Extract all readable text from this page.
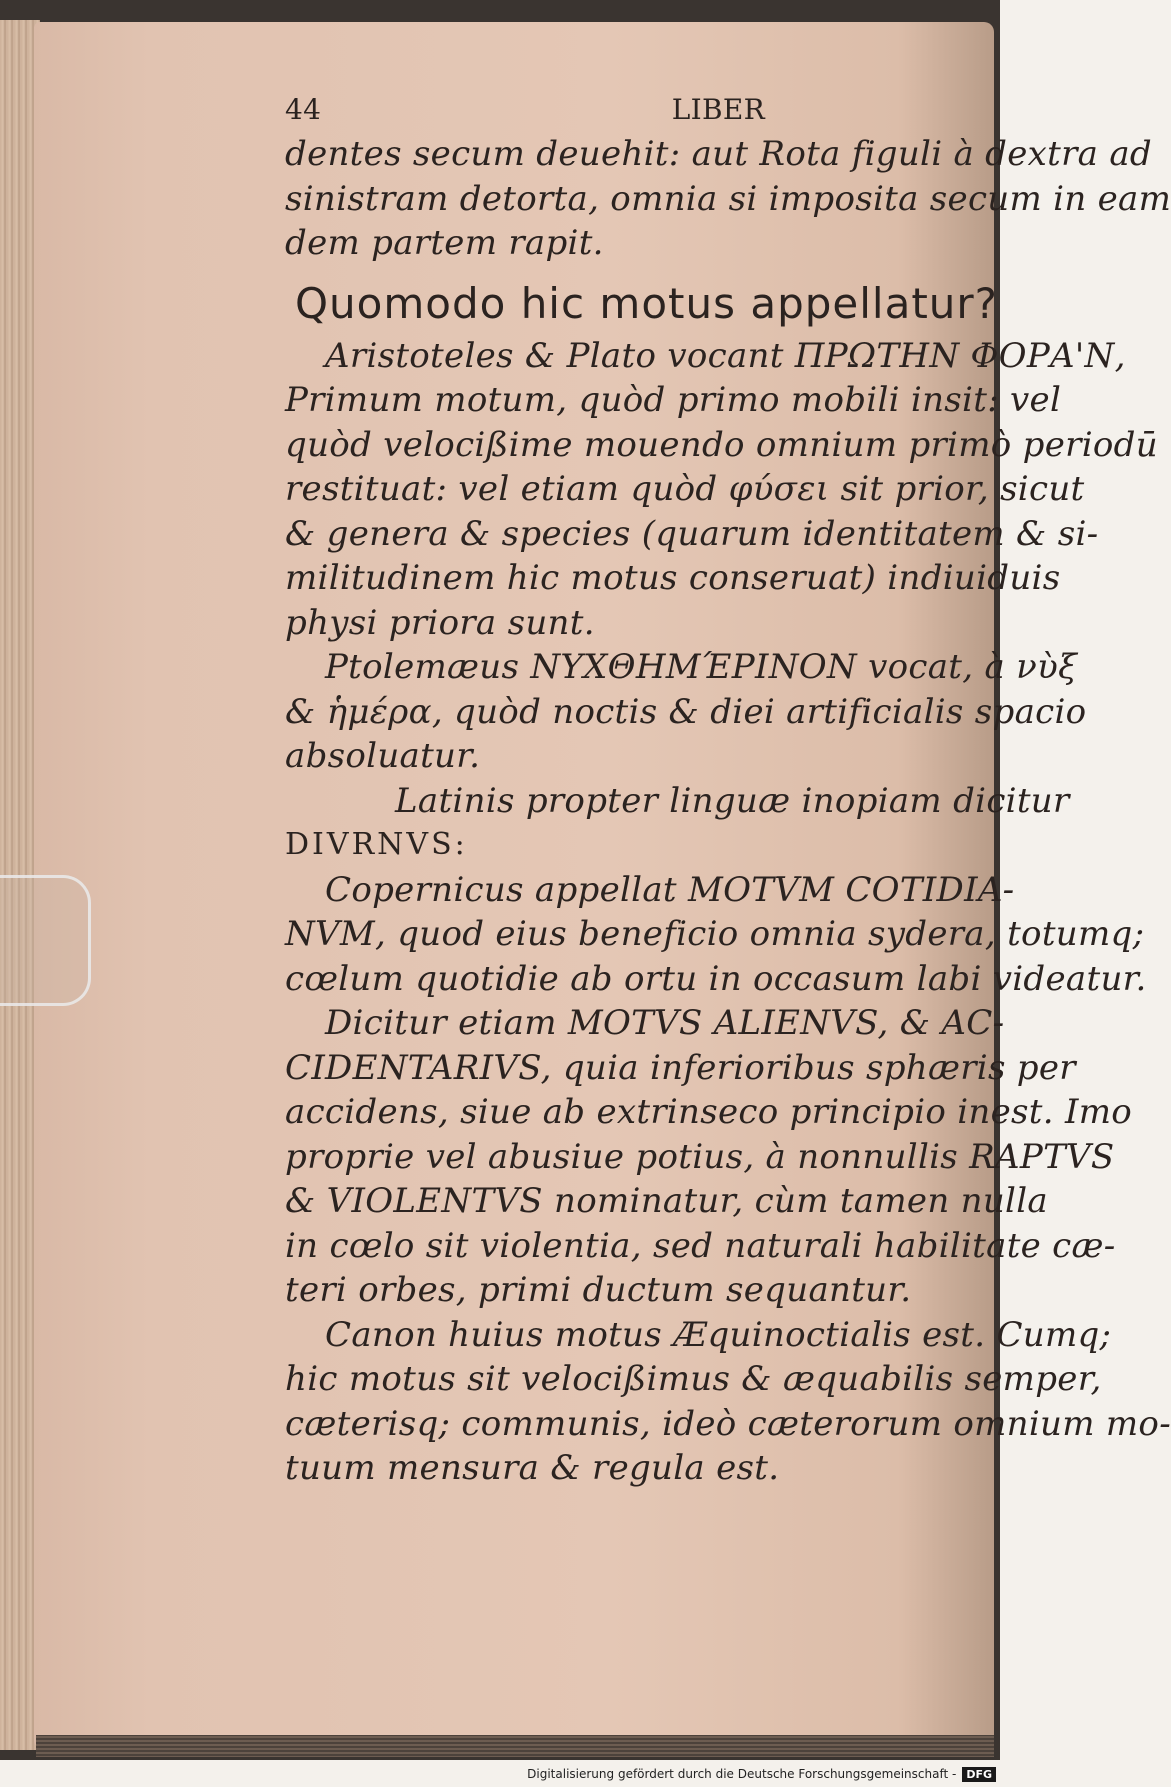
44	LIBER
dentes secum deuehit: aut Rota figuli à dextra ad
sinistram detorta, omnia si imposita secum in eam
dem partem rapit.
Quomodo hic motus appellatur?
Aristoteles & Plato vocant ΠΡΩΤΗΝ ΦΟΡΑ'Ν,
Primum motum, quòd primo mobili insit: vel
quòd velocißime mouendo omnium primò periodū
restituat: vel etiam quòd φύσει sit prior, sicut
& genera & species (quarum identitatem & si-
militudinem hic motus conseruat) indiuiduis
physi priora sunt.
Ptolemæus ΝΥΧΘΗΜΈΡΙΝΟΝ vocat, à νὺξ
& ἡμέρα, quòd noctis & diei artificialis spacio
absoluatur.
Latinis propter linguæ inopiam dicitur
DIVRNVS:
Copernicus appellat MOTVM COTIDIA-
NVM, quod eius beneficio omnia sydera, totumq;
cœlum quotidie ab ortu in occasum labi videatur.
Dicitur etiam MOTVS ALIENVS, & AC-
CIDENTARIVS, quia inferioribus sphæris per
accidens, siue ab extrinseco principio inest. Imo
proprie vel abusiue potius, à nonnullis RAPTVS
& VIOLENTVS nominatur, cùm tamen nulla
in cœlo sit violentia, sed naturali habilitate cæ-
teri orbes, primi ductum sequantur.
Canon huius motus Æquinoctialis est. Cumq;
hic motus sit velocißimus & æquabilis semper,
cæterisq; communis, ideò cæterorum omnium mo-
tuum mensura & regula est.
Digitalisierung gefördert durch die Deutsche Forschungsgemeinschaft - DFG
